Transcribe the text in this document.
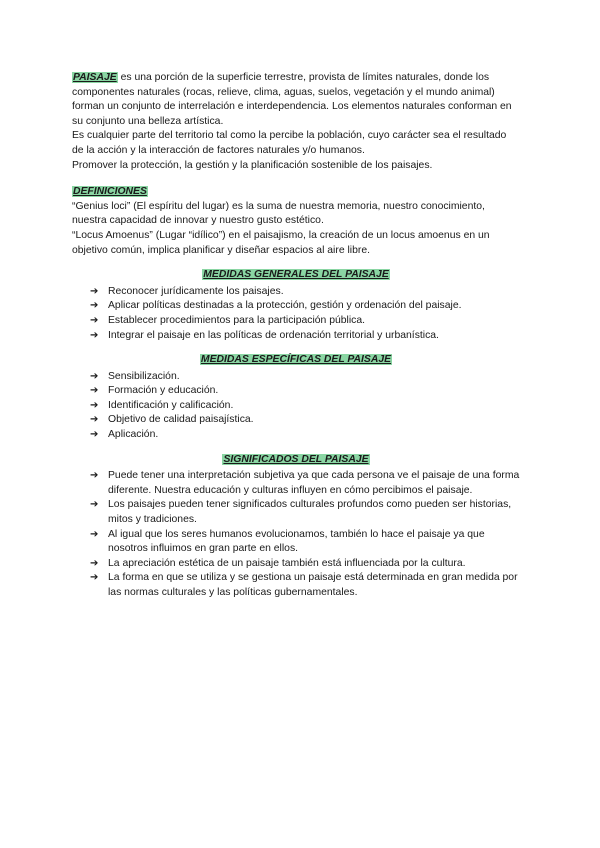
PAISAJE es una porción de la superficie terrestre, provista de límites naturales, donde los componentes naturales (rocas, relieve, clima, aguas, suelos, vegetación y el mundo animal) forman un conjunto de interrelación e interdependencia. Los elementos naturales conforman en su conjunto una belleza artística.

Es cualquier parte del territorio tal como la percibe la población, cuyo carácter sea el resultado de la acción y la interacción de factores naturales y/o humanos.

Promover la protección, la gestión y la planificación sostenible de los paisajes.

DEFINICIONES

“Genius loci” (El espíritu del lugar) es la suma de nuestra memoria, nuestro conocimiento, nuestra capacidad de innovar y nuestro gusto estético.

“Locus Amoenus” (Lugar “idílico”) en el paisajismo, la creación de un locus amoenus en un objetivo común, implica planificar y diseñar espacios al aire libre.

MEDIDAS GENERALES DEL PAISAJE
➔ Reconocer jurídicamente los paisajes.
➔ Aplicar políticas destinadas a la protección, gestión y ordenación del paisaje.
➔ Establecer procedimientos para la participación pública.
➔ Integrar el paisaje en las políticas de ordenación territorial y urbanística.
MEDIDAS ESPECÍFICAS DEL PAISAJE
➔ Sensibilización.
➔ Formación y educación.
➔ Identificación y calificación.
➔ Objetivo de calidad paisajística.
➔ Aplicación.
SIGNIFICADOS DEL PAISAJE
➔ Puede tener una interpretación subjetiva ya que cada persona ve el paisaje de una forma diferente. Nuestra educación y culturas influyen en cómo percibimos el paisaje.
➔ Los paisajes pueden tener significados culturales profundos como pueden ser historias, mitos y tradiciones.
➔ Al igual que los seres humanos evolucionamos, también lo hace el paisaje ya que nosotros influimos en gran parte en ellos.
➔ La apreciación estética de un paisaje también está influenciada por la cultura.
➔ La forma en que se utiliza y se gestiona un paisaje está determinada en gran medida por las normas culturales y las políticas gubernamentales.
